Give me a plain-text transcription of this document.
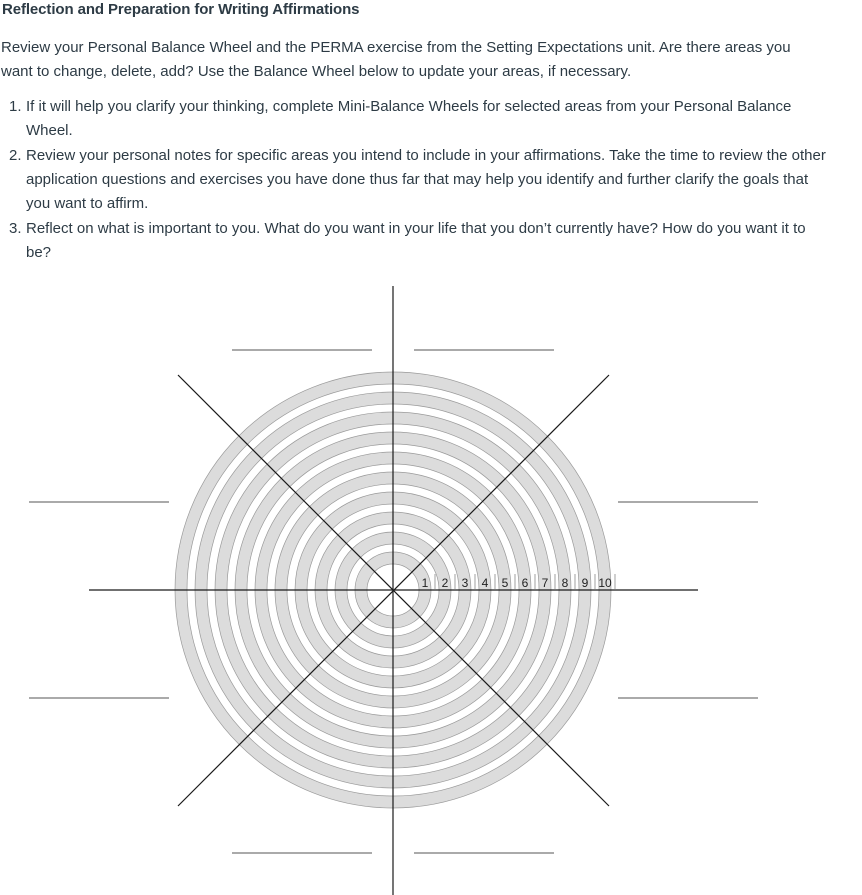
Reflection and Preparation for Writing Affirmations
Review your Personal Balance Wheel and the PERMA exercise from the Setting Expectations unit. Are there areas you want to change, delete, add? Use the Balance Wheel below to update your areas, if necessary.
1. If it will help you clarify your thinking, complete Mini-Balance Wheels for selected areas from your Personal Balance Wheel.
2. Review your personal notes for specific areas you intend to include in your affirmations. Take the time to review the other application questions and exercises you have done thus far that may help you identify and further clarify the goals that you want to affirm.
3. Reflect on what is important to you. What do you want in your life that you don’t currently have? How do you want it to be?
1 2 3 4 5 6 7 8 9 10
